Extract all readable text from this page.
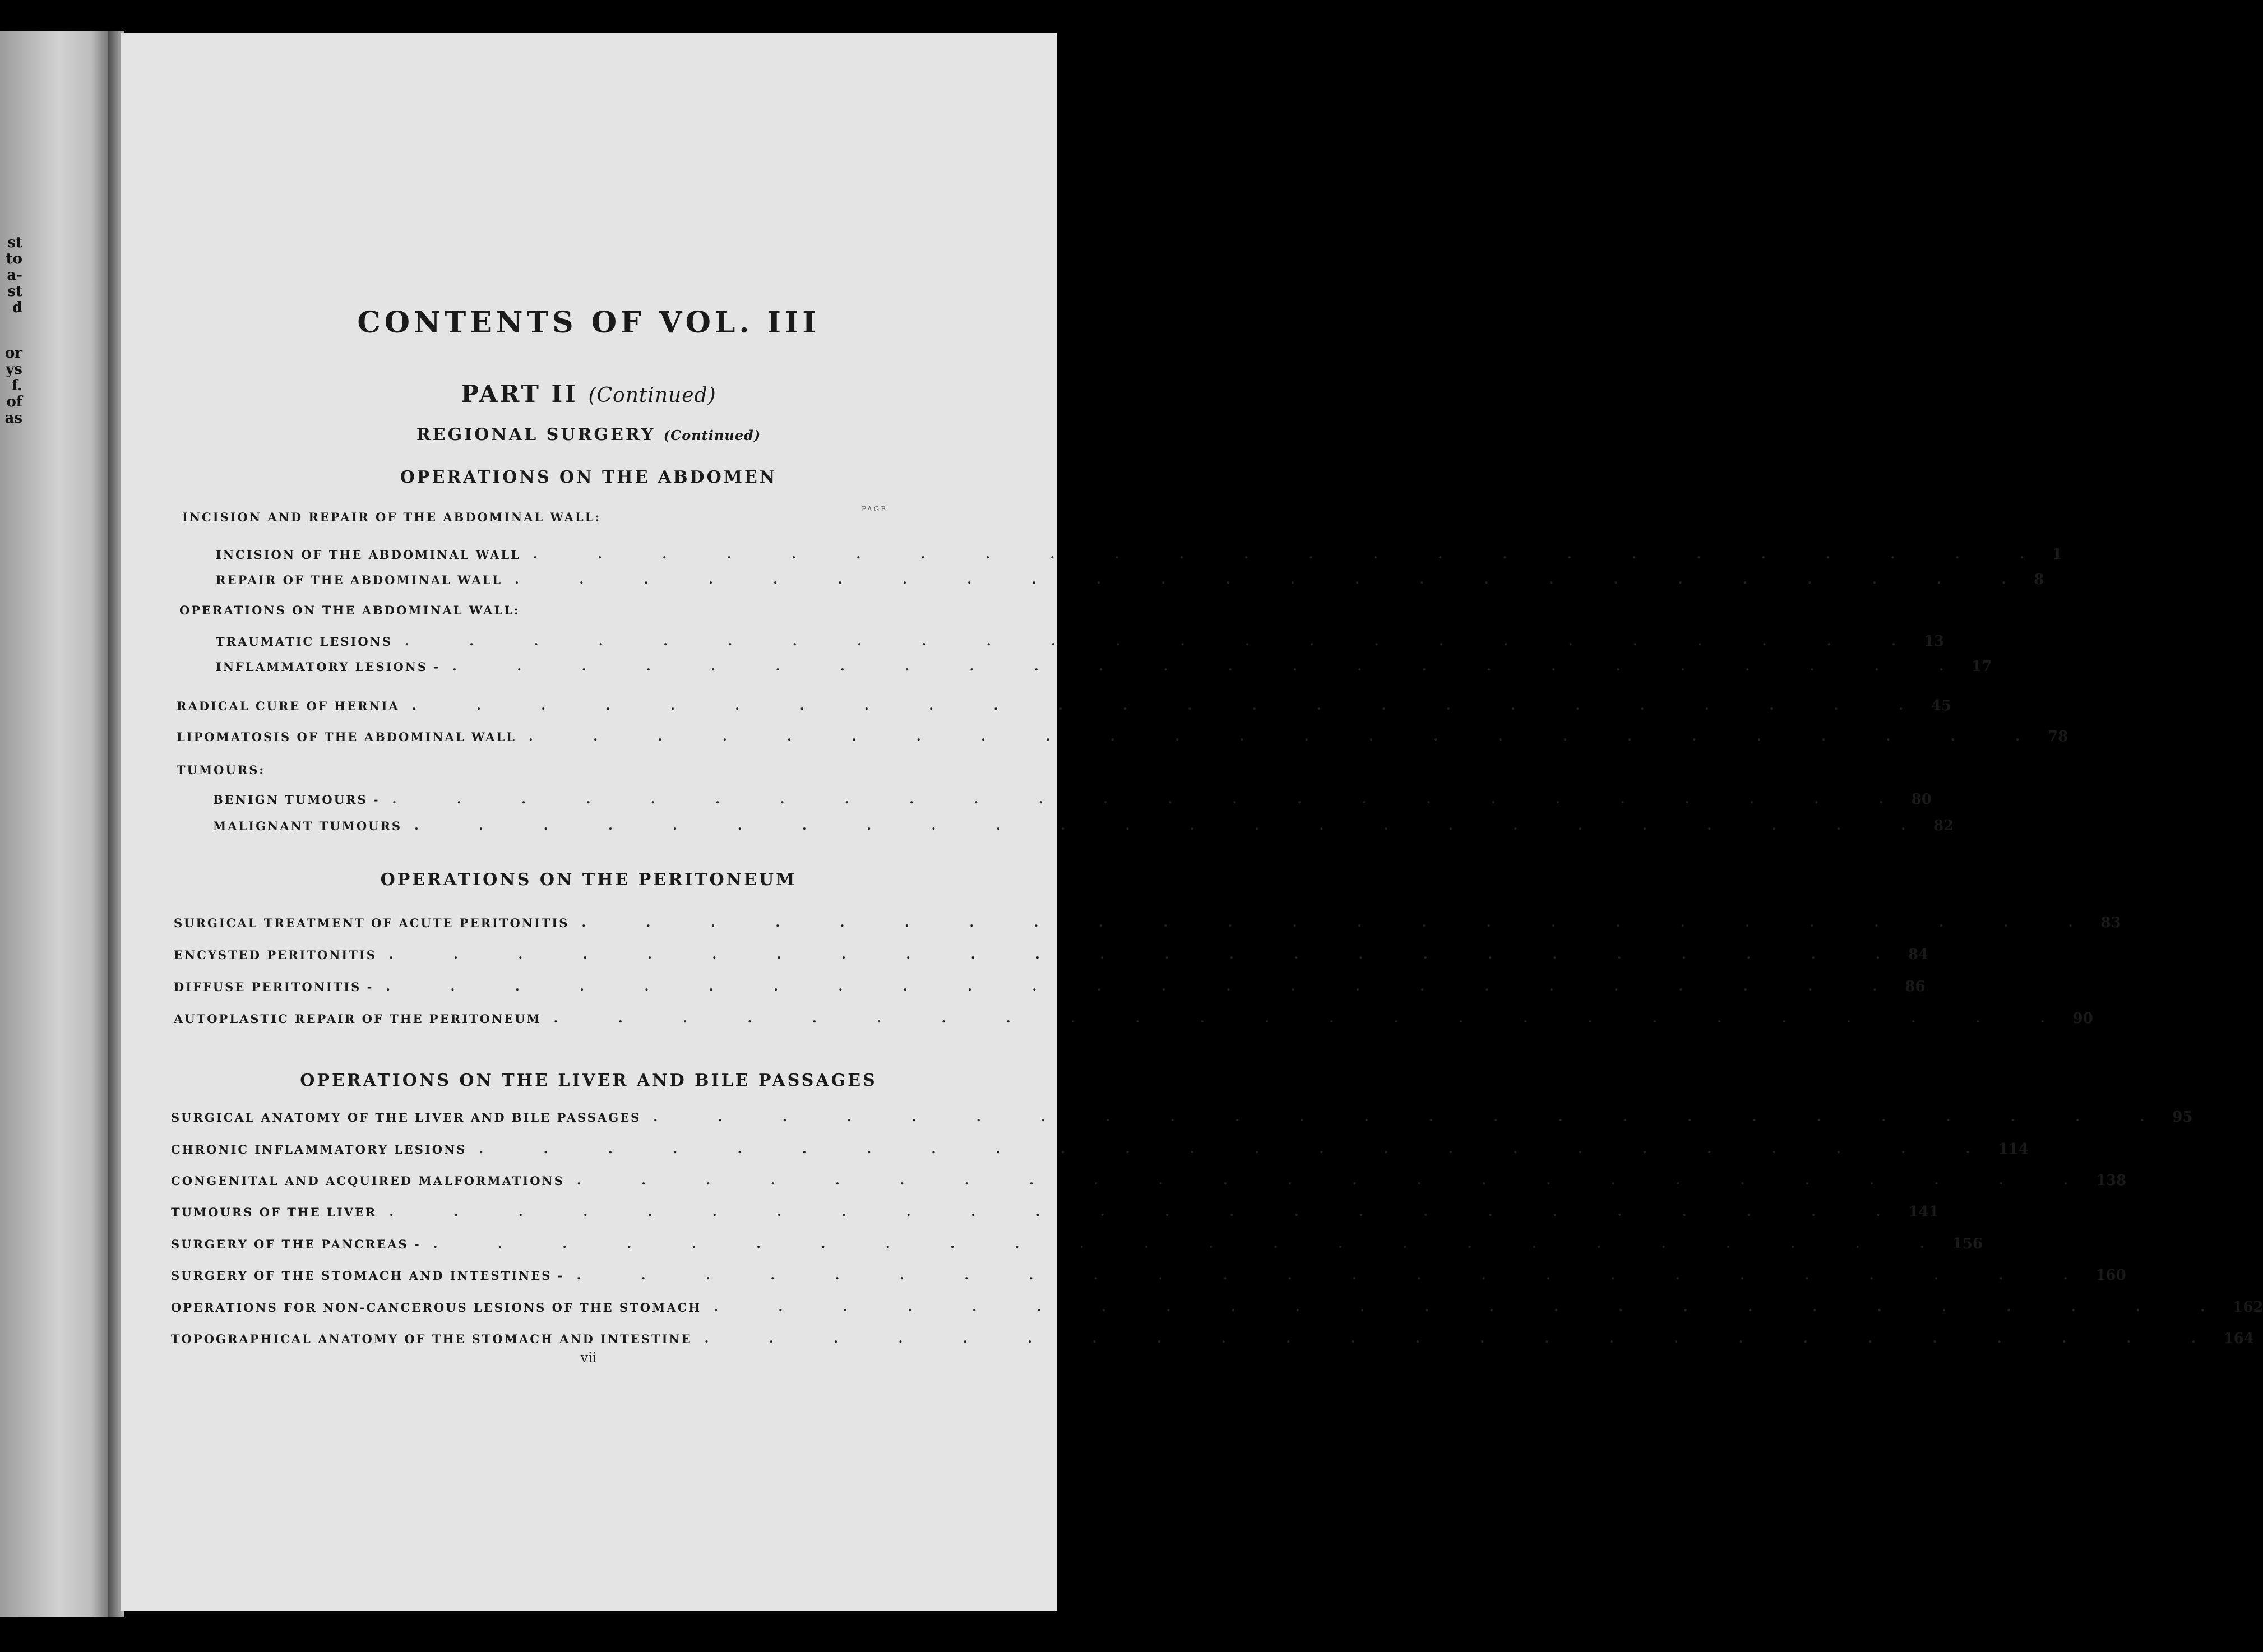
st
to
a-
st
d
or
ys
f.
of
as
CONTENTS OF VOL. III
PART II (Continued)
REGIONAL SURGERY (Continued)
OPERATIONS ON THE ABDOMEN
PAGE
INCISION AND REPAIR OF THE ABDOMINAL WALL:
INCISION OF THE ABDOMINAL WALL	. . . . . . . . . . . . . . . . . . . . . . . . 1
REPAIR OF THE ABDOMINAL WALL	. . . . . . . . . . . . . . . . . . . . . . . . 8
OPERATIONS ON THE ABDOMINAL WALL:
TRAUMATIC LESIONS	. . . . . . . . . . . . . . . . . . . . . . . . 13
INFLAMMATORY LESIONS -	. . . . . . . . . . . . . . . . . . . . . . . . 17
RADICAL CURE OF HERNIA	. . . . . . . . . . . . . . . . . . . . . . . . 45
LIPOMATOSIS OF THE ABDOMINAL WALL	. . . . . . . . . . . . . . . . . . . . . . . . 78
TUMOURS:
BENIGN TUMOURS -	. . . . . . . . . . . . . . . . . . . . . . . . 80
MALIGNANT TUMOURS	. . . . . . . . . . . . . . . . . . . . . . . . 82
OPERATIONS ON THE PERITONEUM
SURGICAL TREATMENT OF ACUTE PERITONITIS	. . . . . . . . . . . . . . . . . . . . . . . . 83
ENCYSTED PERITONITIS	. . . . . . . . . . . . . . . . . . . . . . . . 84
DIFFUSE PERITONITIS -	. . . . . . . . . . . . . . . . . . . . . . . . 86
AUTOPLASTIC REPAIR OF THE PERITONEUM	. . . . . . . . . . . . . . . . . . . . . . . . 90
OPERATIONS ON THE LIVER AND BILE PASSAGES
SURGICAL ANATOMY OF THE LIVER AND BILE PASSAGES	. . . . . . . . . . . . . . . . . . . . . . . . 95
CHRONIC INFLAMMATORY LESIONS	. . . . . . . . . . . . . . . . . . . . . . . . 114
CONGENITAL AND ACQUIRED MALFORMATIONS	. . . . . . . . . . . . . . . . . . . . . . . . 138
TUMOURS OF THE LIVER	. . . . . . . . . . . . . . . . . . . . . . . . 141
SURGERY OF THE PANCREAS -	. . . . . . . . . . . . . . . . . . . . . . . . 156
SURGERY OF THE STOMACH AND INTESTINES -	. . . . . . . . . . . . . . . . . . . . . . . . 160
OPERATIONS FOR NON-CANCEROUS LESIONS OF THE STOMACH	. . . . . . . . . . . . . . . . . . . . . . . . 162
TOPOGRAPHICAL ANATOMY OF THE STOMACH AND INTESTINE	. . . . . . . . . . . . . . . . . . . . . . . . 164
vii
